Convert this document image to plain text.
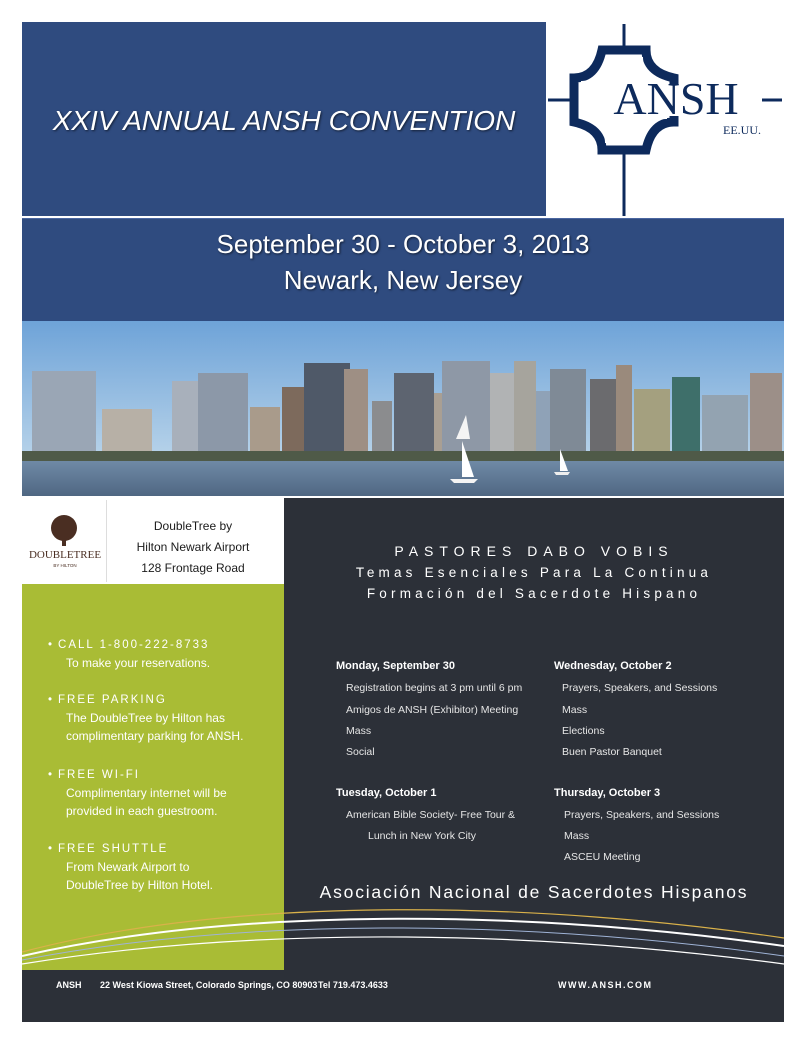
XXIV ANNUAL ANSH CONVENTION ANSH
EE.UU.
September 30 - October 3, 2013
Newark, New Jersey
DOUBLETREE
BY HILTON
DoubleTree by
Hilton Newark Airport
128 Frontage Road
• CALL 1-800-222-8733
To make your reservations.
• FREE PARKING
The DoubleTree by Hilton has
complimentary parking for ANSH.
• FREE WI-FI
Complimentary internet will be
provided in each guestroom.
• FREE SHUTTLE
From Newark Airport to
DoubleTree by Hilton Hotel.
PASTORES DABO VOBIS
Temas Esenciales Para La Continua
Formación del Sacerdote Hispano
Monday, September 30
Registration begins at 3 pm until 6 pm
Amigos de ANSH (Exhibitor) Meeting
Mass
Social
Tuesday, October 1
American Bible Society- Free Tour &
Lunch in New York City
Wednesday, October 2
Prayers, Speakers, and Sessions
Mass
Elections
Buen Pastor Banquet
Thursday, October 3
Prayers, Speakers, and Sessions
Mass
ASCEU Meeting
Asociación Nacional de Sacerdotes Hispanos
ANSH 22 West Kiowa Street, Colorado Springs, CO 80903 Tel 719.473.4633	WWW.ANSH.COM
